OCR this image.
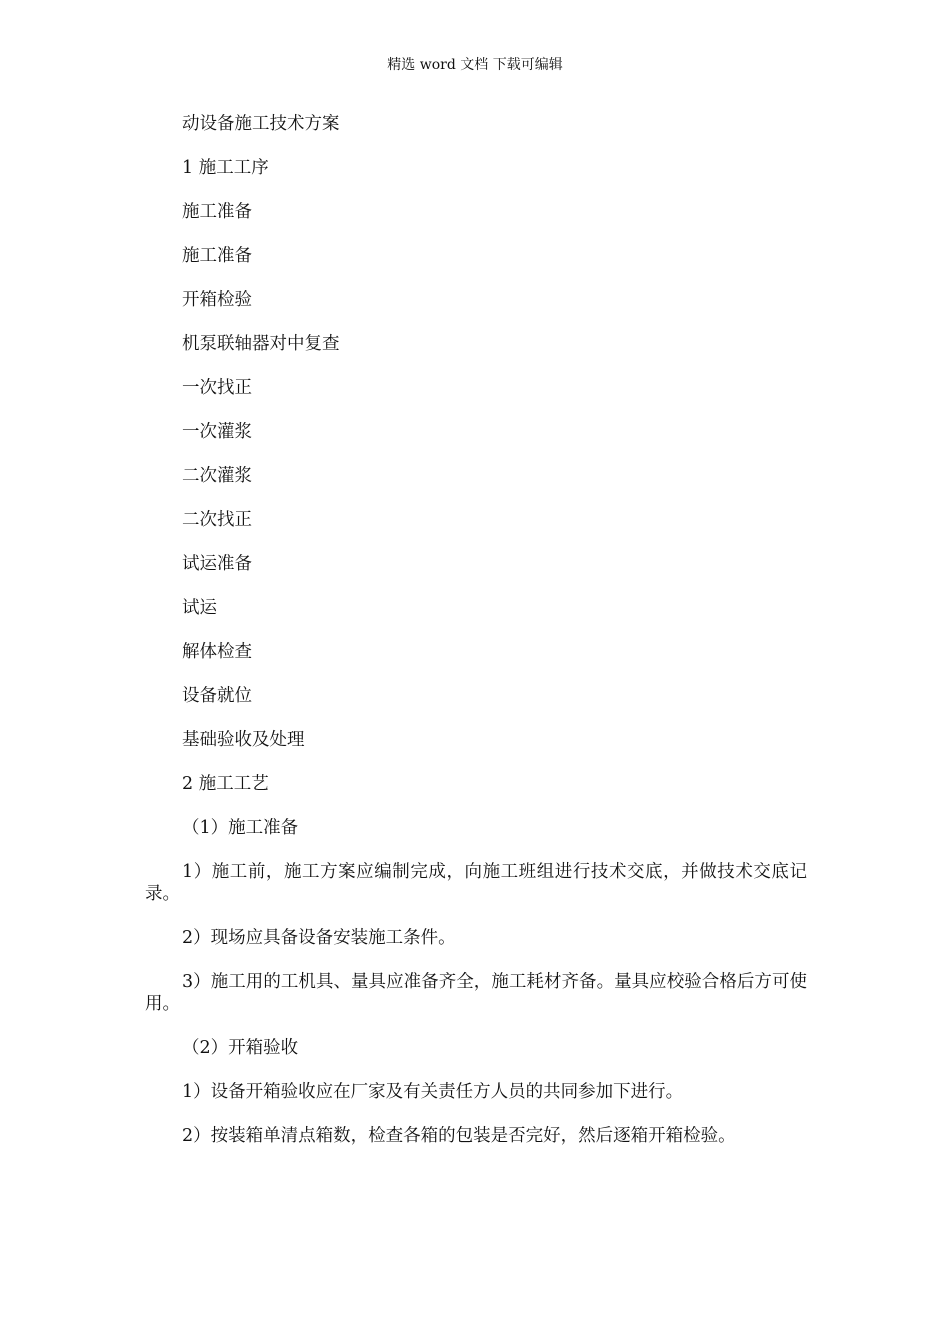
精选 word 文档 下载可编辑

动设备施工技术方案

1 施工工序

施工准备

施工准备

开箱检验

机泵联轴器对中复查

一次找正

一次灌浆

二次灌浆

二次找正

试运准备

试运

解体检查

设备就位

基础验收及处理

2 施工工艺

（1）施工准备

1）施工前，施工方案应编制完成，向施工班组进行技术交底，并做技术交底记录。

2）现场应具备设备安装施工条件。

3）施工用的工机具、量具应准备齐全，施工耗材齐备。量具应校验合格后方可使用。

（2）开箱验收

1）设备开箱验收应在厂家及有关责任方人员的共同参加下进行。

2）按装箱单清点箱数，检查各箱的包装是否完好，然后逐箱开箱检验。
